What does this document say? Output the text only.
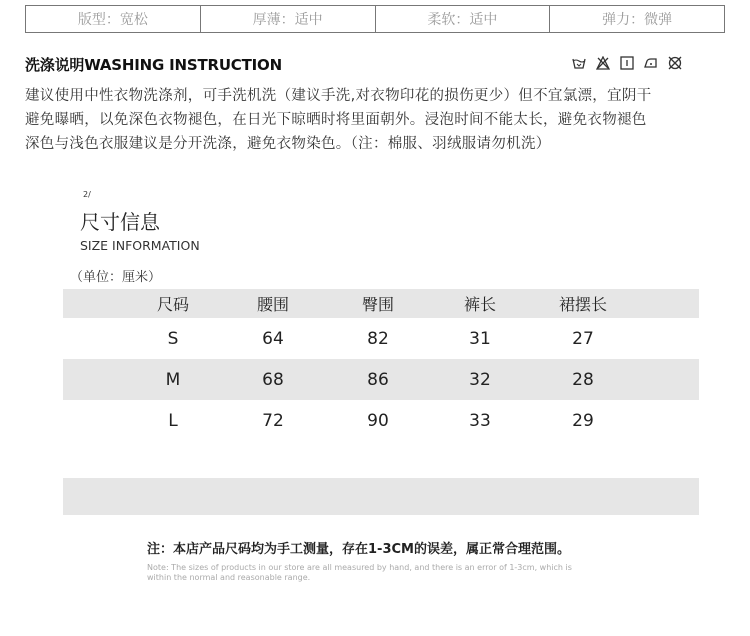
版型：宽松	厚薄：适中	柔软：适中	弹力：微弹
洗涤说明WASHING INSTRUCTION
建议使用中性衣物洗涤剂，可手洗机洗（建议手洗,对衣物印花的损伤更少）但不宜氯漂，宜阴干
避免曝晒，以免深色衣物褪色，在日光下晾晒时将里面朝外。浸泡时间不能太长，避免衣物褪色
深色与浅色衣服建议是分开洗涤，避免衣物染色。（注：棉服、羽绒服请勿机洗）
2/
尺寸信息
SIZE INFORMATION
（单位：厘米）
尺码	腰围	臀围	裤长	裙摆长
S	64	82	31	27
M	68	86	32	28
L	72	90	33	29
注：本店产品尺码均为手工测量，存在1-3CM的误差，属正常合理范围。
Note: The sizes of products in our store are all measured by hand, and there is an error of 1-3cm, which is
within the normal and reasonable range.
